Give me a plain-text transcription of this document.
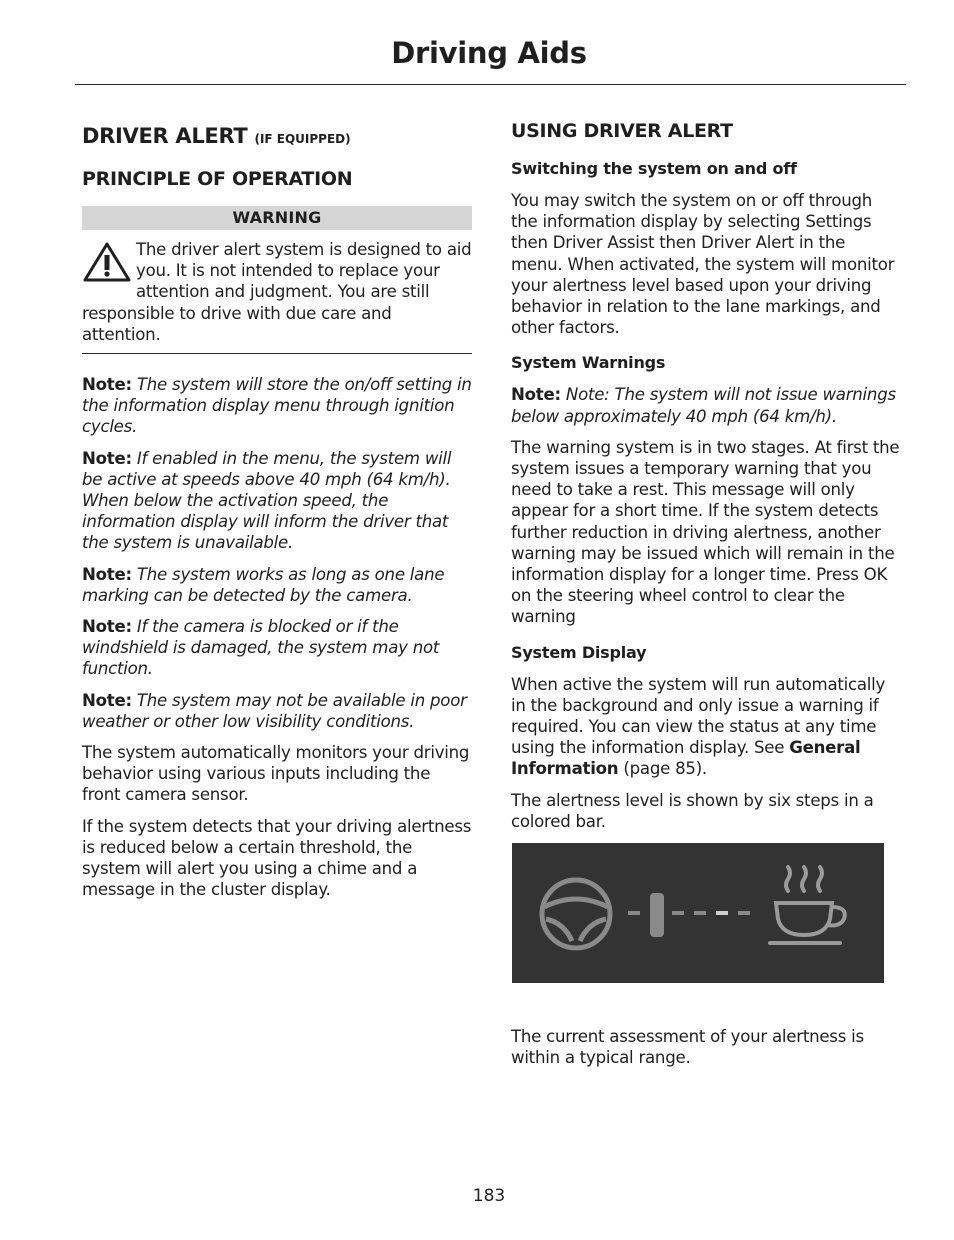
Driving Aids
DRIVER ALERT (IF EQUIPPED)
PRINCIPLE OF OPERATION
WARNING

The driver alert system is designed to aid you. It is not intended to replace your attention and judgment. You are still responsible to drive with due care and attention.

Note: The system will store the on/off setting in the information display menu through ignition cycles.

Note: If enabled in the menu, the system will be active at speeds above 40 mph (64 km/h). When below the activation speed, the information display will inform the driver that the system is unavailable.

Note: The system works as long as one lane marking can be detected by the camera.

Note: If the camera is blocked or if the windshield is damaged, the system may not function.

Note: The system may not be available in poor weather or other low visibility conditions.

The system automatically monitors your driving behavior using various inputs including the front camera sensor.

If the system detects that your driving alertness is reduced below a certain threshold, the system will alert you using a chime and a message in the cluster display.

USING DRIVER ALERT
Switching the system on and off

You may switch the system on or off through the information display by selecting Settings then Driver Assist then Driver Alert in the menu. When activated, the system will monitor your alertness level based upon your driving behavior in relation to the lane markings, and other factors.

System Warnings

Note: Note: The system will not issue warnings below approximately 40 mph (64 km/h).

The warning system is in two stages. At first the system issues a temporary warning that you need to take a rest. This message will only appear for a short time. If the system detects further reduction in driving alertness, another warning may be issued which will remain in the information display for a longer time. Press OK on the steering wheel control to clear the warning

System Display

When active the system will run automatically in the background and only issue a warning if required. You can view the status at any time using the information display. See General Information (page 85).

The alertness level is shown by six steps in a colored bar.

The current assessment of your alertness is within a typical range.

183
